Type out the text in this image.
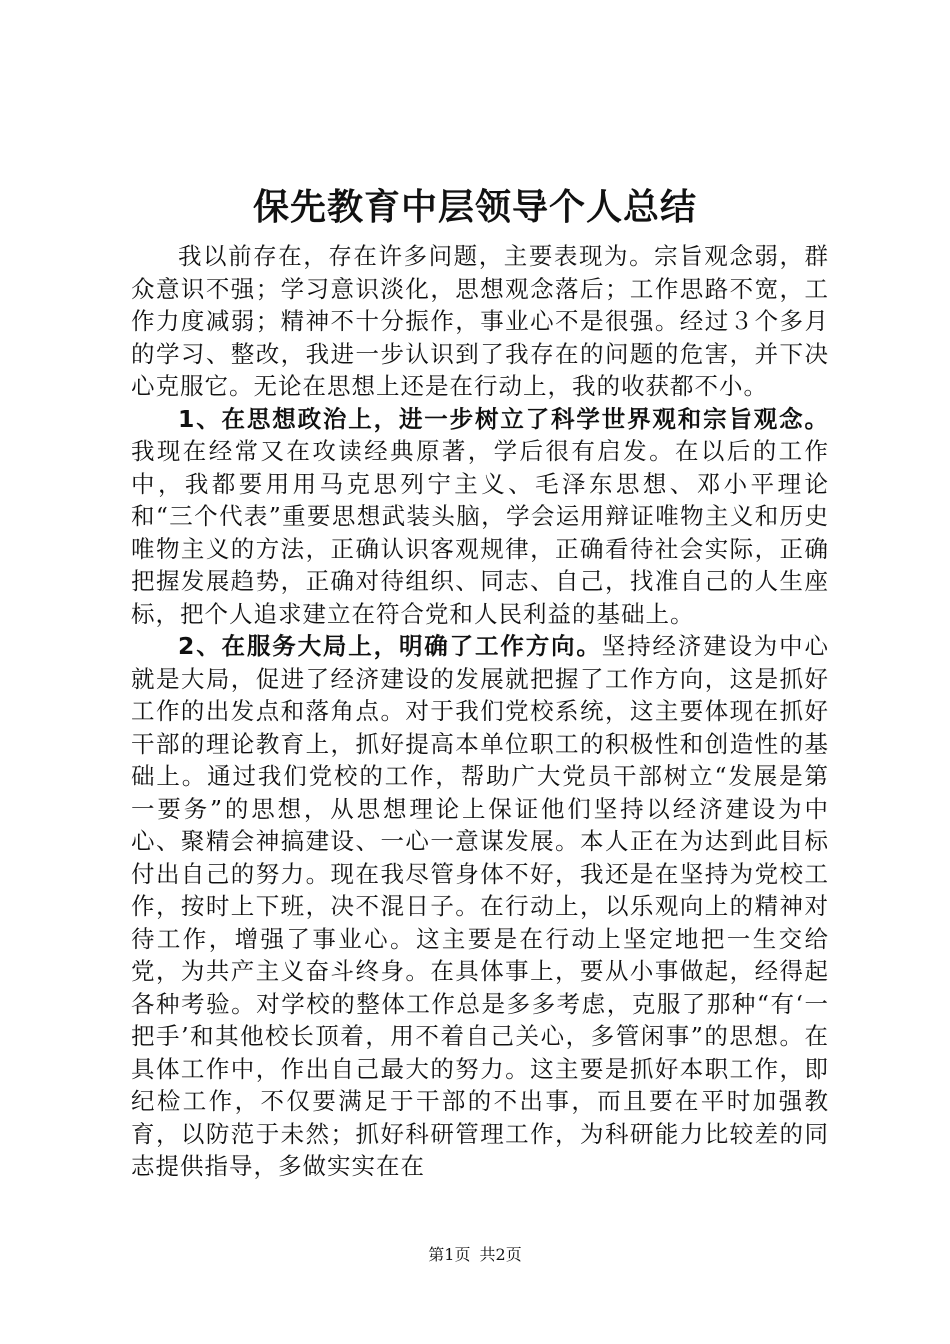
保先教育中层领导个人总结

我以前存在，存在许多问题，主要表现为。宗旨观念弱，群众意识不强；学习意识淡化，思想观念落后；工作思路不宽，工作力度减弱；精神不十分振作，事业心不是很强。经过３个多月的学习、整改，我进一步认识到了我存在的问题的危害，并下决心克服它。无论在思想上还是在行动上，我的收获都不小。

1、在思想政治上，进一步树立了科学世界观和宗旨观念。我现在经常又在攻读经典原著，学后很有启发。在以后的工作中，我都要用用马克思列宁主义、毛泽东思想、邓小平理论和“三个代表”重要思想武装头脑，学会运用辩证唯物主义和历史唯物主义的方法，正确认识客观规律，正确看待社会实际，正确把握发展趋势，正确对待组织、同志、自己，找准自己的人生座标，把个人追求建立在符合党和人民利益的基础上。

2、在服务大局上，明确了工作方向。坚持经济建设为中心就是大局，促进了经济建设的发展就把握了工作方向，这是抓好工作的出发点和落角点。对于我们党校系统，这主要体现在抓好干部的理论教育上，抓好提高本单位职工的积极性和创造性的基础上。通过我们党校的工作，帮助广大党员干部树立“发展是第一要务”的思想，从思想理论上保证他们坚持以经济建设为中心、聚精会神搞建设、一心一意谋发展。本人正在为达到此目标付出自己的努力。现在我尽管身体不好，我还是在坚持为党校工作，按时上下班，决不混日子。在行动上，以乐观向上的精神对待工作，增强了事业心。这主要是在行动上坚定地把一生交给党，为共产主义奋斗终身。在具体事上，要从小事做起，经得起各种考验。对学校的整体工作总是多多考虑，克服了那种“有‘一把手’和其他校长顶着，用不着自己关心，多管闲事”的思想。在具体工作中，作出自己最大的努力。这主要是抓好本职工作，即纪检工作，不仅要满足于干部的不出事，而且要在平时加强教育，以防范于未然；抓好科研管理工作，为科研能力比较差的同志提供指导，多做实实在在

第1页 共2页
